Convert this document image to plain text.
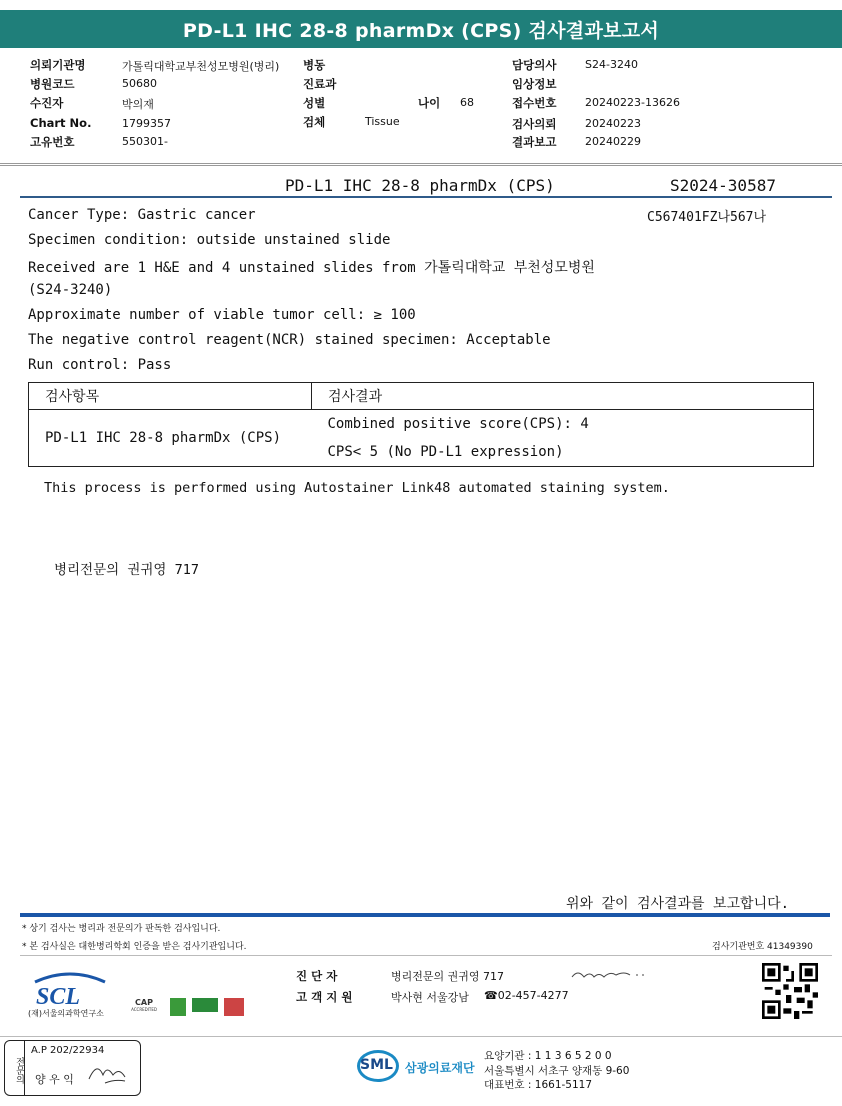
PD-L1 IHC 28-8 pharmDx (CPS) 검사결과보고서
의뢰기관명	가톨릭대학교부천성모병원(병리)
병원코드	50680
수진자	박의재
Chart No.	1799357
고유번호	550301-
병동
진료과
성별	나이 68
검체	Tissue
담당의사	S24-3240
임상정보
접수번호	20240223-13626
검사의뢰	20240223
결과보고	20240229
PD-L1 IHC 28-8 pharmDx (CPS)	S2024-30587
C567401FZ나567나
Cancer Type: Gastric cancer
Specimen condition: outside unstained slide
Received are 1 H&E and 4 unstained slides from 가톨릭대학교 부천성모병원
(S24-3240)
Approximate number of viable tumor cell: ≥ 100
The negative control reagent(NCR) stained specimen: Acceptable
Run control: Pass
검사항목	검사결과
PD-L1 IHC 28-8 pharmDx (CPS)	Combined positive score(CPS): 4
CPS< 5 (No PD-L1 expression)
This process is performed using Autostainer Link48 automated staining system.
병리전문의 권귀영 717
위와 같이 검사결과를 보고합니다.
* 상기 검사는 병리과 전문의가 판독한 검사입니다.
* 본 검사실은 대한병리학회 인증을 받은 검사기관입니다.	검사기관번호 41349390
SCL
(재)서울의과학연구소
CAP
ACCREDITED
진 단 자	병리전문의 권귀영 717
고 객 지 원	박사현 서울강남 ☎02-457-4277
전문의
A.P 202/22934
양 우 익
SML 삼광의료재단
요양기관 : 1 1 3 6 5 2 0 0
서울특별시 서초구 양재동 9-60
대표번호 : 1661-5117
